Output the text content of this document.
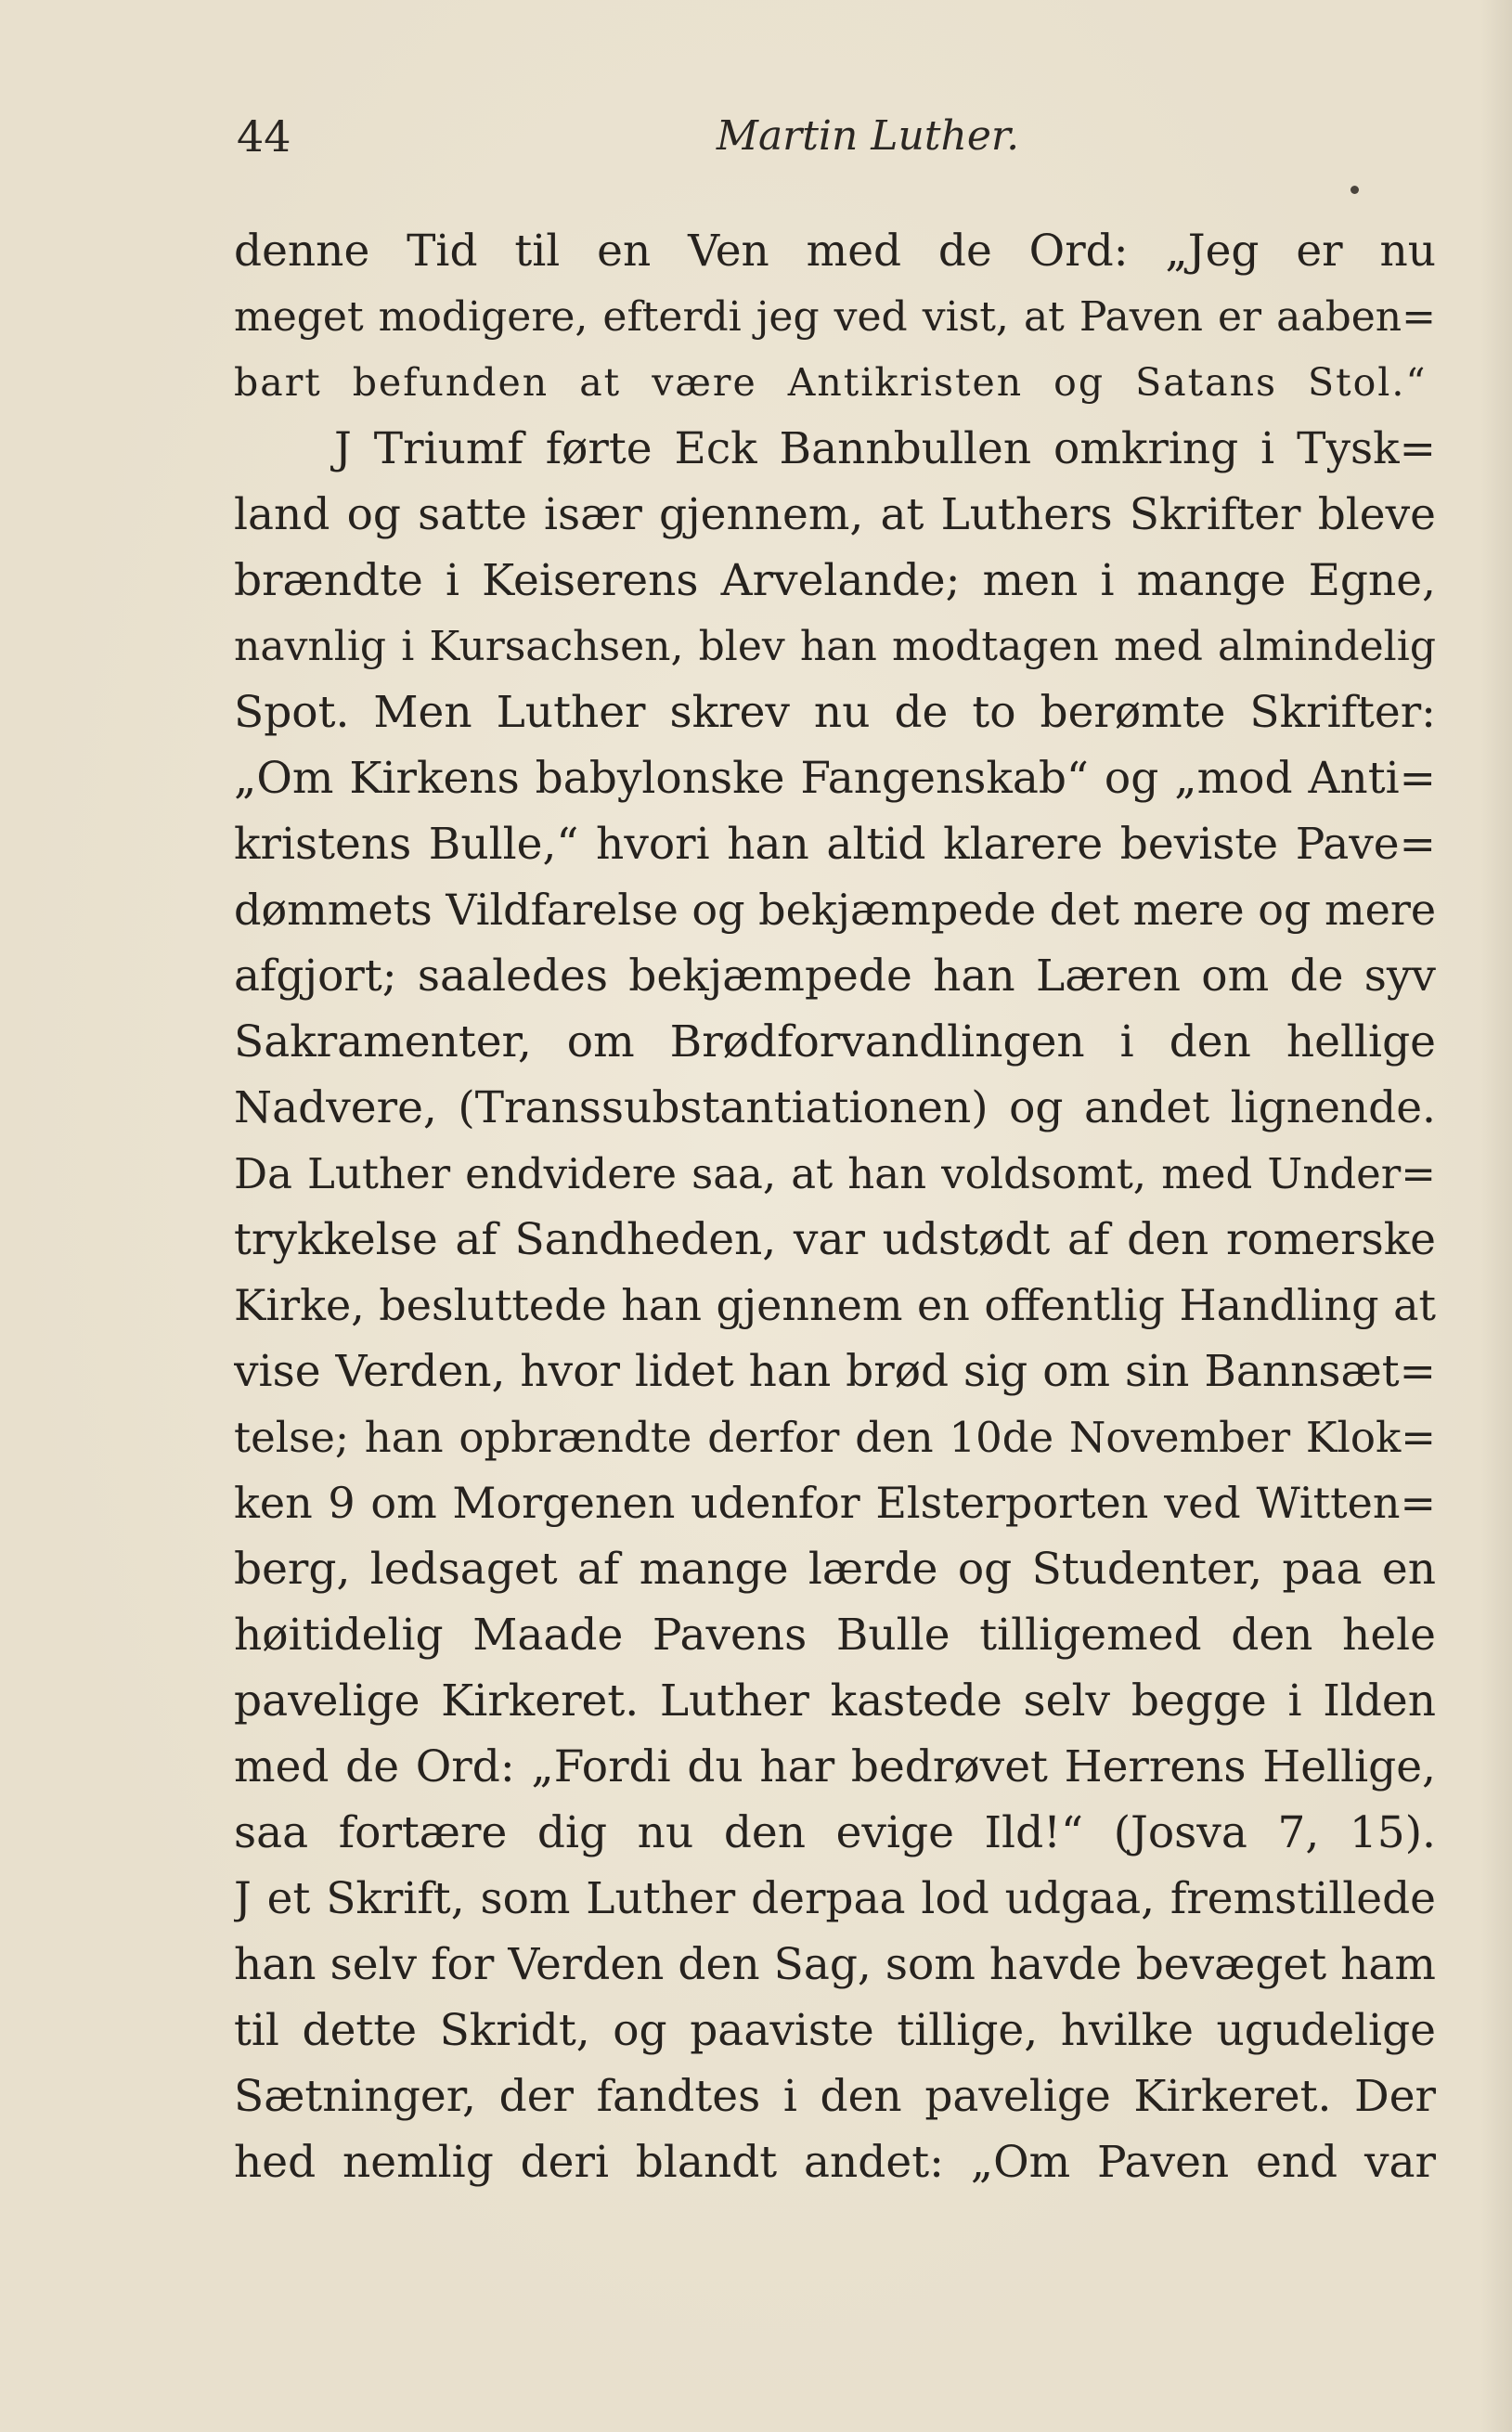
44	Martin Luther.
denne Tid til en Ven med de Ord: „Jeg er nu
meget modigere, efterdi jeg ved vist, at Paven er aaben=
bart befunden at være Antikristen og Satans Stol.“
J Triumf førte Eck Bannbullen omkring i Tysk=
land og satte især gjennem, at Luthers Skrifter bleve
brændte i Keiserens Arvelande; men i mange Egne,
navnlig i Kursachsen, blev han modtagen med almindelig
Spot. Men Luther skrev nu de to berømte Skrifter:
„Om Kirkens babylonske Fangenskab“ og „mod Anti=
kristens Bulle,“ hvori han altid klarere beviste Pave=
dømmets Vildfarelse og bekjæmpede det mere og mere
afgjort; saaledes bekjæmpede han Læren om de syv
Sakramenter, om Brødforvandlingen i den hellige
Nadvere, (Transsubstantiationen) og andet lignende.
Da Luther endvidere saa, at han voldsomt, med Under=
trykkelse af Sandheden, var udstødt af den romerske
Kirke, besluttede han gjennem en offentlig Handling at
vise Verden, hvor lidet han brød sig om sin Bannsæt=
telse; han opbrændte derfor den 10de November Klok=
ken 9 om Morgenen udenfor Elsterporten ved Witten=
berg, ledsaget af mange lærde og Studenter, paa en
høitidelig Maade Pavens Bulle tilligemed den hele
pavelige Kirkeret. Luther kastede selv begge i Ilden
med de Ord: „Fordi du har bedrøvet Herrens Hellige,
saa fortære dig nu den evige Ild!“ (Josva 7, 15).
J et Skrift, som Luther derpaa lod udgaa, fremstillede
han selv for Verden den Sag, som havde bevæget ham
til dette Skridt, og paaviste tillige, hvilke ugudelige
Sætninger, der fandtes i den pavelige Kirkeret. Der
hed nemlig deri blandt andet: „Om Paven end var
